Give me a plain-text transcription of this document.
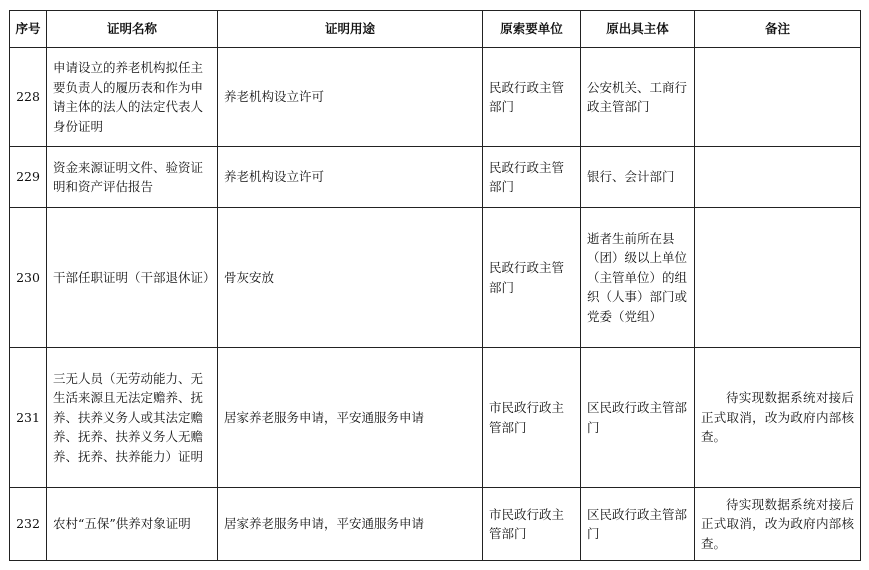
序号	证明名称	证明用途	原索要单位	原出具主体	备注
228	申请设立的养老机构拟任主要负责人的履历表和作为申请主体的法人的法定代表人身份证明	养老机构设立许可	民政行政主管部门	公安机关、工商行政主管部门	

229	资金来源证明文件、验资证明和资产评估报告	养老机构设立许可	民政行政主管部门	银行、会计部门	

230	干部任职证明（干部退休证）	骨灰安放	民政行政主管部门	逝者生前所在县（团）级以上单位（主管单位）的组织（人事）部门或党委（党组）	

231	三无人员（无劳动能力、无生活来源且无法定赡养、抚养、扶养义务人或其法定赡养、抚养、扶养义务人无赡养、抚养、扶养能力）证明	居家养老服务申请，平安通服务申请	市民政行政主管部门	区民政行政主管部门	待实现数据系统对接后正式取消，改为政府内部核查。

232	农村“五保”供养对象证明	居家养老服务申请，平安通服务申请	市民政行政主管部门	区民政行政主管部门	待实现数据系统对接后正式取消，改为政府内部核查。
